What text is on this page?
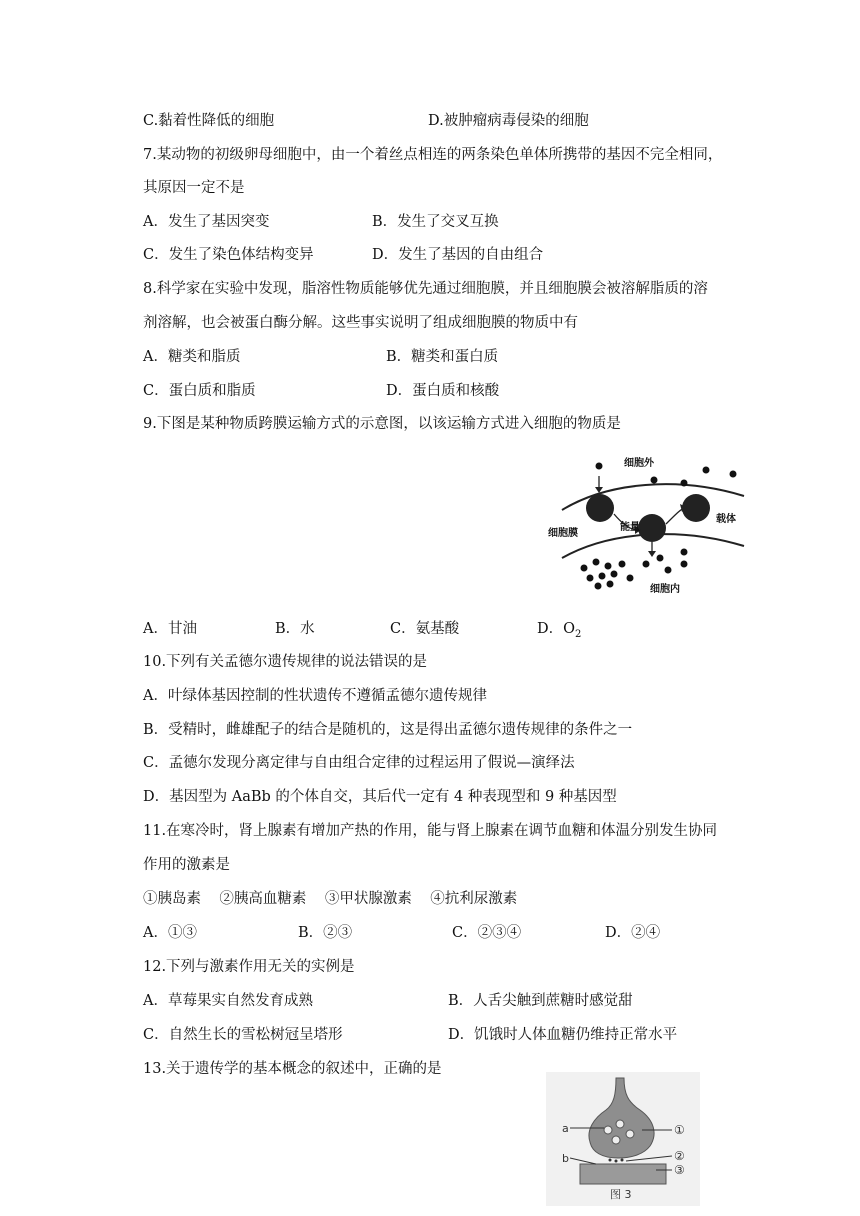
C.黏着性降低的细胞	D.被肿瘤病毒侵染的细胞
7.某动物的初级卵母细胞中，由一个着丝点相连的两条染色单体所携带的基因不完全相同，
其原因一定不是
A．发生了基因突变	B．发生了交叉互换
C．发生了染色体结构变异	D．发生了基因的自由组合
8.科学家在实验中发现，脂溶性物质能够优先通过细胞膜，并且细胞膜会被溶解脂质的溶
剂溶解，也会被蛋白酶分解。这些事实说明了组成细胞膜的物质中有
A．糖类和脂质	B．糖类和蛋白质
C．蛋白质和脂质	D．蛋白质和核酸
9.下图是某种物质跨膜运输方式的示意图，以该运输方式进入细胞的物质是
细胞外
细胞膜
能量
载体
细胞内
A．甘油	B．水	C．氨基酸	D．$O_2$
10.下列有关孟德尔遗传规律的说法错误的是
A．叶绿体基因控制的性状遗传不遵循孟德尔遗传规律
B．受精时，雌雄配子的结合是随机的，这是得出孟德尔遗传规律的条件之一
C．孟德尔发现分离定律与自由组合定律的过程运用了假说—演绎法
D．基因型为 AaBb 的个体自交，其后代一定有 4 种表现型和 9 种基因型
11.在寒冷时，肾上腺素有增加产热的作用，能与肾上腺素在调节血糖和体温分别发生协同
作用的激素是
①胰岛素    ②胰高血糖素    ③甲状腺激素    ④抗利尿激素
A．①③	B．②③	C．②③④	D．②④
12.下列与激素作用无关的实例是
A．草莓果实自然发育成熟	B．人舌尖触到蔗糖时感觉甜
C．自然生长的雪松树冠呈塔形	D．饥饿时人体血糖仍维持正常水平
13.关于遗传学的基本概念的叙述中，正确的是
a
b
①
②
③
图 3
